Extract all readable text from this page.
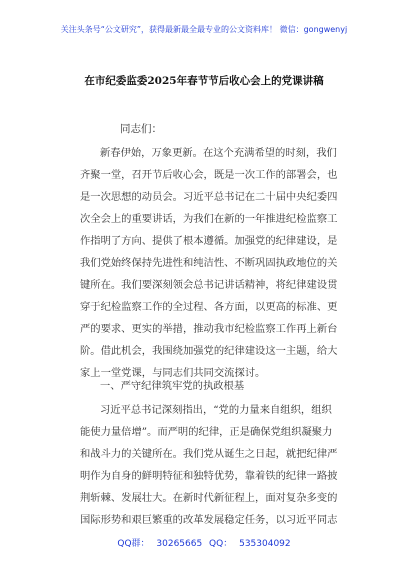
关注头条号“公文研究”，获得最新最全最专业的公文资料库！ 微信：gongwenyj
在市纪委监委2025年春节节后收心会上的党课讲稿
同志们：
新春伊始，万象更新。在这个充满希望的时刻，我们
齐聚一堂，召开节后收心会，既是一次工作的部署会，也
是一次思想的动员会。习近平总书记在二十届中央纪委四
次全会上的重要讲话，为我们在新的一年推进纪检监察工
作指明了方向、提供了根本遵循。加强党的纪律建设，是
我们党始终保持先进性和纯洁性、不断巩固执政地位的关
键所在。我们要深刻领会总书记讲话精神，将纪律建设贯
穿于纪检监察工作的全过程、各方面，以更高的标准、更
严的要求、更实的举措，推动我市纪检监察工作再上新台
阶。借此机会，我围绕加强党的纪律建设这一主题，给大
家上一堂党课，与同志们共同交流探讨。
一、严守纪律筑牢党的执政根基
习近平总书记深刻指出，“党的力量来自组织，组织
能使力量倍增”。而严明的纪律，正是确保党组织凝聚力
和战斗力的关键所在。我们党从诞生之日起，就把纪律严
明作为自身的鲜明特征和独特优势，靠着铁的纪律一路披
荆斩棘、发展壮大。在新时代新征程上，面对复杂多变的
国际形势和艰巨繁重的改革发展稳定任务，以习近平同志
QQ群： 30265665 QQ： 535304092
